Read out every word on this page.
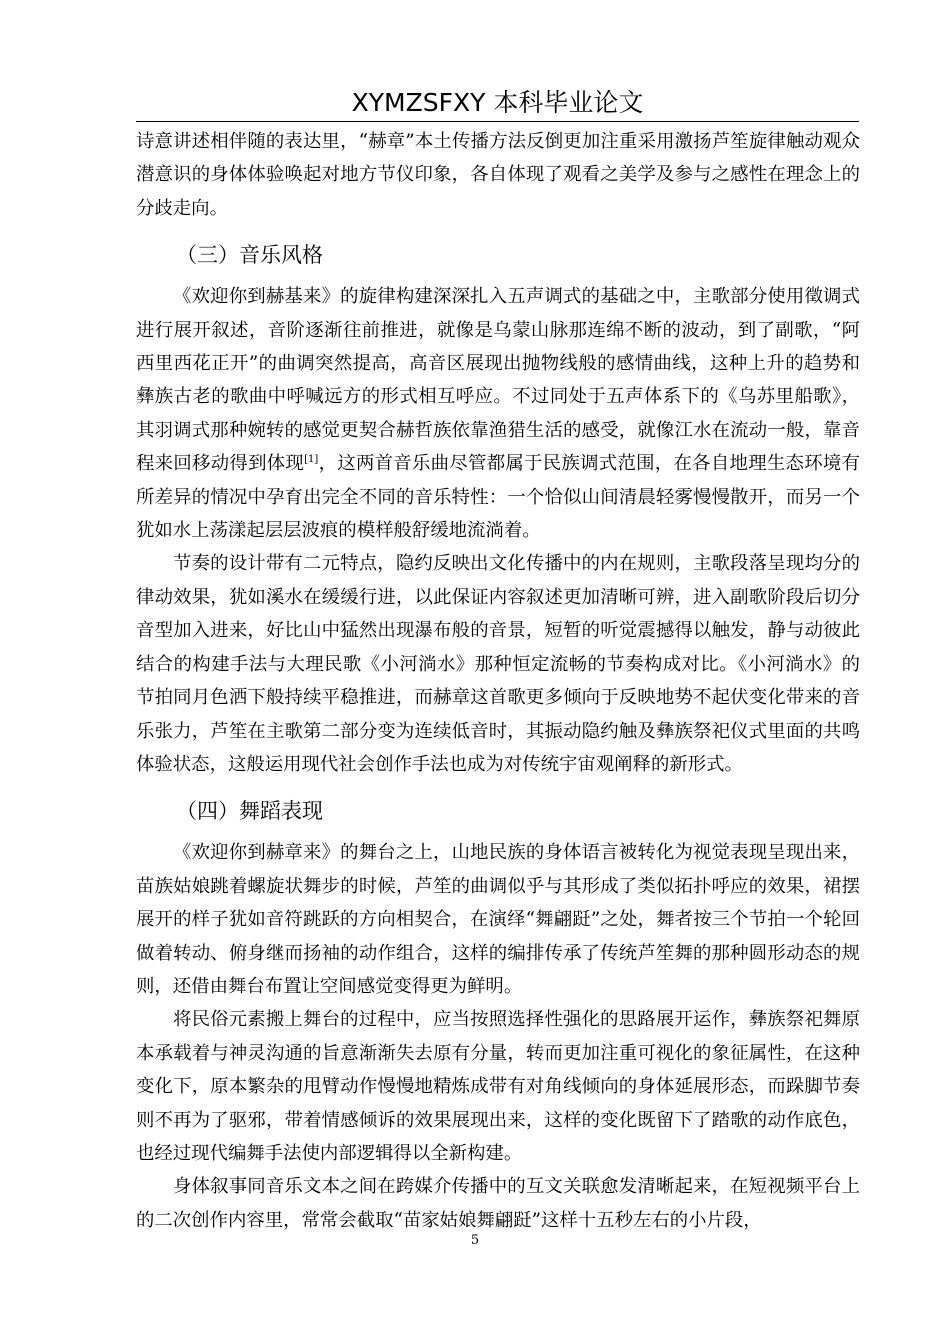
XYMZSFXY 本科毕业论文

诗意讲述相伴随的表达里，“赫章”本土传播方法反倒更加注重采用激扬芦笙旋律触动观众潜意识的身体体验唤起对地方节仪印象，各自体现了观看之美学及参与之感性在理念上的分歧走向。

（三）音乐风格

《欢迎你到赫基来》的旋律构建深深扎入五声调式的基础之中，主歌部分使用徵调式进行展开叙述，音阶逐渐往前推进，就像是乌蒙山脉那连绵不断的波动，到了副歌，“阿西里西花正开”的曲调突然提高，高音区展现出抛物线般的感情曲线，这种上升的趋势和彝族古老的歌曲中呼喊远方的形式相互呼应。不过同处于五声体系下的《乌苏里船歌》，其羽调式那种婉转的感觉更契合赫哲族依靠渔猎生活的感受，就像江水在流动一般，靠音程来回移动得到体现[1]，这两首音乐曲尽管都属于民族调式范围，在各自地理生态环境有所差异的情况中孕育出完全不同的音乐特性：一个恰似山间清晨轻雾慢慢散开，而另一个犹如水上荡漾起层层波痕的模样般舒缓地流淌着。

节奏的设计带有二元特点，隐约反映出文化传播中的内在规则，主歌段落呈现均分的律动效果，犹如溪水在缓缓行进，以此保证内容叙述更加清晰可辨，进入副歌阶段后切分音型加入进来，好比山中猛然出现瀑布般的音景，短暂的听觉震撼得以触发，静与动彼此结合的构建手法与大理民歌《小河淌水》那种恒定流畅的节奏构成对比。《小河淌水》的节拍同月色洒下般持续平稳推进，而赫章这首歌更多倾向于反映地势不起伏变化带来的音乐张力，芦笙在主歌第二部分变为连续低音时，其振动隐约触及彝族祭祀仪式里面的共鸣体验状态，这般运用现代社会创作手法也成为对传统宇宙观阐释的新形式。

（四）舞蹈表现

《欢迎你到赫章来》的舞台之上，山地民族的身体语言被转化为视觉表现呈现出来，苗族姑娘跳着螺旋状舞步的时候，芦笙的曲调似乎与其形成了类似拓扑呼应的效果，裙摆展开的样子犹如音符跳跃的方向相契合，在演绎“舞翩跹”之处，舞者按三个节拍一个轮回做着转动、俯身继而扬袖的动作组合，这样的编排传承了传统芦笙舞的那种圆形动态的规则，还借由舞台布置让空间感觉变得更为鲜明。

将民俗元素搬上舞台的过程中，应当按照选择性强化的思路展开运作，彝族祭祀舞原本承载着与神灵沟通的旨意渐渐失去原有分量，转而更加注重可视化的象征属性，在这种变化下，原本繁杂的甩臂动作慢慢地精炼成带有对角线倾向的身体延展形态，而跺脚节奏则不再为了驱邪，带着情感倾诉的效果展现出来，这样的变化既留下了踏歌的动作底色，也经过现代编舞手法使内部逻辑得以全新构建。

身体叙事同音乐文本之间在跨媒介传播中的互文关联愈发清晰起来，在短视频平台上的二次创作内容里，常常会截取“苗家姑娘舞翩跹”这样十五秒左右的小片段，

5
